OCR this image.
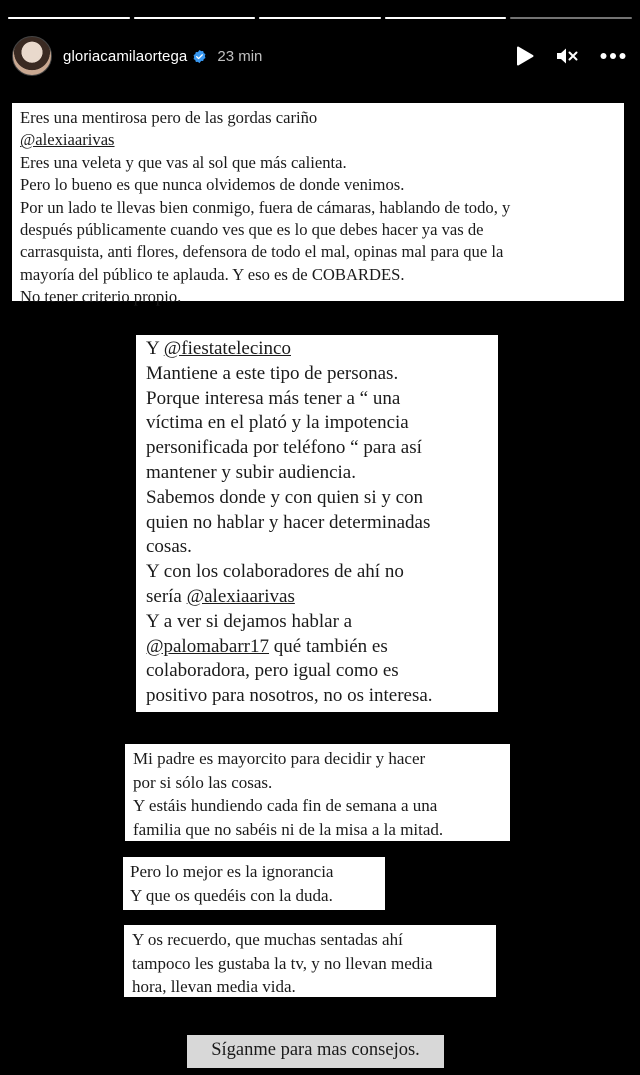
gloriacamilaortega 23 min
Eres una mentirosa pero de las gordas cariño
@alexiaarivas
Eres una veleta y que vas al sol que más calienta.
Pero lo bueno es que nunca olvidemos de donde venimos.
Por un lado te llevas bien conmigo, fuera de cámaras, hablando de todo, y
después públicamente cuando ves que es lo que debes hacer ya vas de
carrasquista, anti flores, defensora de todo el mal, opinas mal para que la
mayoría del público te aplauda. Y eso es de COBARDES.
No tener criterio propio.
Y @fiestatelecinco
Mantiene a este tipo de personas.
Porque interesa más tener a “ una
víctima en el plató y la impotencia
personificada por teléfono “ para así
mantener y subir audiencia.
Sabemos donde y con quien si y con
quien no hablar y hacer determinadas
cosas.
Y con los colaboradores de ahí no
sería @alexiaarivas
Y a ver si dejamos hablar a
@palomabarr17 qué también es
colaboradora, pero igual como es
positivo para nosotros, no os interesa.
Mi padre es mayorcito para decidir y hacer
por si sólo las cosas.
Y estáis hundiendo cada fin de semana a una
familia que no sabéis ni de la misa a la mitad.
Pero lo mejor es la ignorancia
Y que os quedéis con la duda.
Y os recuerdo, que muchas sentadas ahí
tampoco les gustaba la tv, y no llevan media
hora, llevan media vida.
Síganme para mas consejos.
